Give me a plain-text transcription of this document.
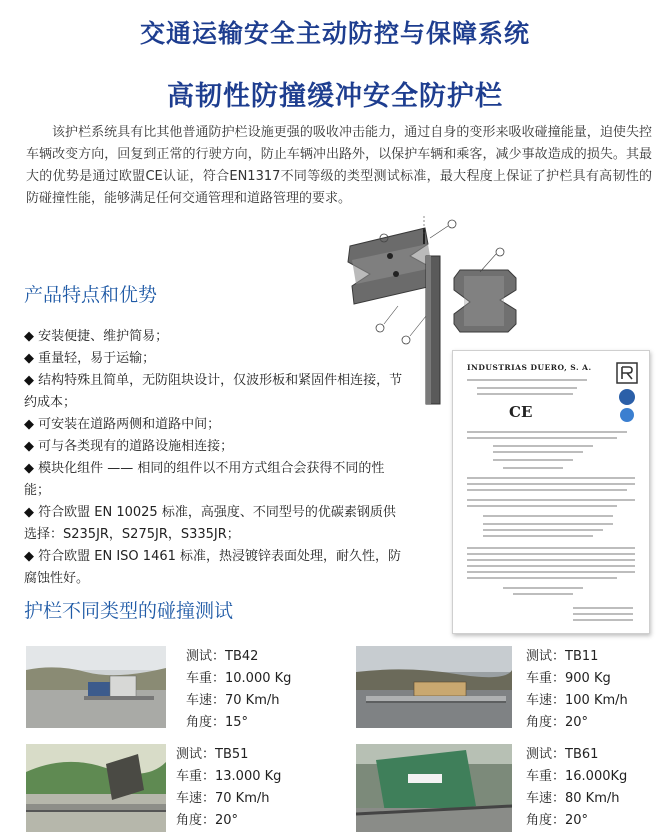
交通运输安全主动防控与保障系统
高韧性防撞缓冲安全防护栏

该护栏系统具有比其他普通防护栏设施更强的吸收冲击能力，通过自身的变形来吸收碰撞能量，迫使失控车辆改变方向，回复到正常的行驶方向，防止车辆冲出路外，以保护车辆和乘客，减少事故造成的损失。其最大的优势是通过欧盟CE认证，符合EN1317不同等级的类型测试标准，最大程度上保证了护栏具有高韧性的防碰撞性能，能够满足任何交通管理和道路管理的要求。

产品特点和优势
◆ 安装便捷、维护简易；
◆ 重量轻，易于运输；
◆ 结构特殊且简单，无防阻块设计，仅波形板和紧固件相连接，节约成本；
◆ 可安装在道路两侧和道路中间；
◆ 可与各类现有的道路设施相连接；
◆ 模块化组件 —— 相同的组件以不用方式组合会获得不同的性能；
◆ 符合欧盟 EN 10025 标准，高强度、不同型号的优碳素钢质供选择：S235JR，S275JR，S335JR；
◆ 符合欧盟 EN ISO 1461 标准，热浸镀锌表面处理，耐久性，防腐蚀性好。
INDUSTRIAS DUERO, S. A.
CE
护栏不同类型的碰撞测试
测试：TB42
车重：10.000 Kg
车速：70 Km/h
角度：15°
测试：TB11
车重：900 Kg
车速：100 Km/h
角度：20°
测试：TB51
车重：13.000 Kg
车速：70 Km/h
角度：20°
测试：TB61
车重：16.000Kg
车速：80 Km/h
角度：20°
